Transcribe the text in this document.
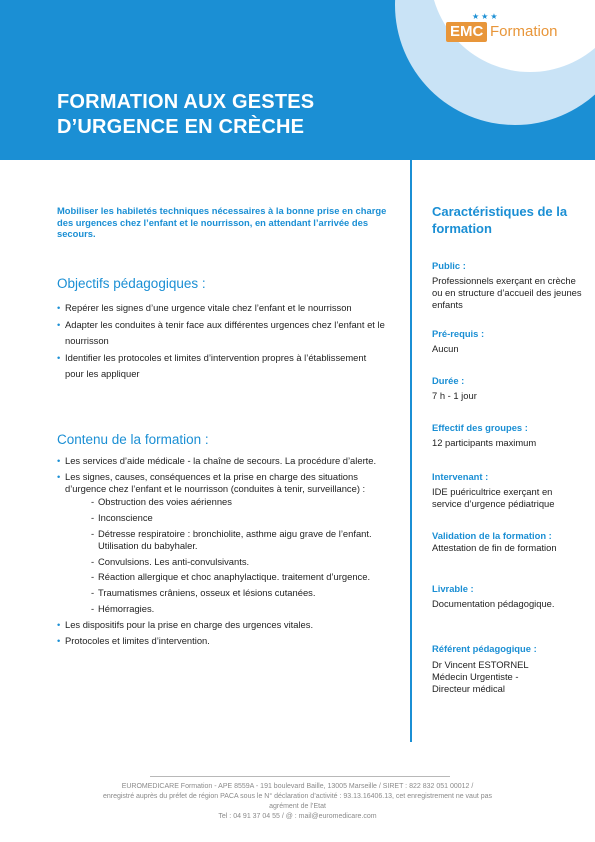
★★★
EMC Formation
FORMATION AUX GESTES
D’URGENCE EN CRÈCHE

Mobiliser les habiletés techniques nécessaires à la bonne prise en charge des urgences chez l’enfant et le nourrisson, en attendant l’arrivée des secours.

Objectifs pédagogiques :
• Repérer les signes d’une urgence vitale chez l’enfant et le nourrisson
• Adapter les conduites à tenir face aux différentes urgences chez l’enfant et le nourrisson
• Identifier les protocoles et limites d’intervention propres à l’établissement pour les appliquer
Contenu de la formation :
• Les services d’aide médicale - la chaîne de secours. La procédure d’alerte.
• Les signes, causes, conséquences et la prise en charge des situations d’urgence chez l’enfant et le nourrisson (conduites à tenir, surveillance) :
- Obstruction des voies aériennes
- Inconscience
- Détresse respiratoire : bronchiolite, asthme aigu grave de l’enfant. Utilisation du babyhaler.
- Convulsions. Les anti-convulsivants.
- Réaction allergique et choc anaphylactique. traitement d’urgence.
- Traumatismes crâniens, osseux et lésions cutanées.
- Hémorragies.
• Les dispositifs pour la prise en charge des urgences vitales.
• Protocoles et limites d’intervention.
Caractéristiques de la formation
Public :
Professionnels exerçant en crèche ou en structure d’accueil des jeunes enfants
Pré-requis :
Aucun
Durée :
7 h - 1 jour
Effectif des groupes :
12 participants maximum
Intervenant :
IDE puéricultrice exerçant en service d’urgence pédiatrique
Validation de la formation :
Attestation de fin de formation
Livrable :
Documentation pédagogique.
Référent pédagogique :
Dr Vincent ESTORNEL
Médecin Urgentiste -
Directeur médical
EUROMEDICARE Formation - APE 8559A - 191 boulevard Baille, 13005 Marseille / SIRET : 822 832 051 00012 /
enregistré auprès du préfet de région PACA sous le N° déclaration d’activité : 93.13.16406.13, cet enregistrement ne vaut pas
agrément de l’Etat
Tel : 04 91 37 04 55 / @ : mail@euromedicare.com
